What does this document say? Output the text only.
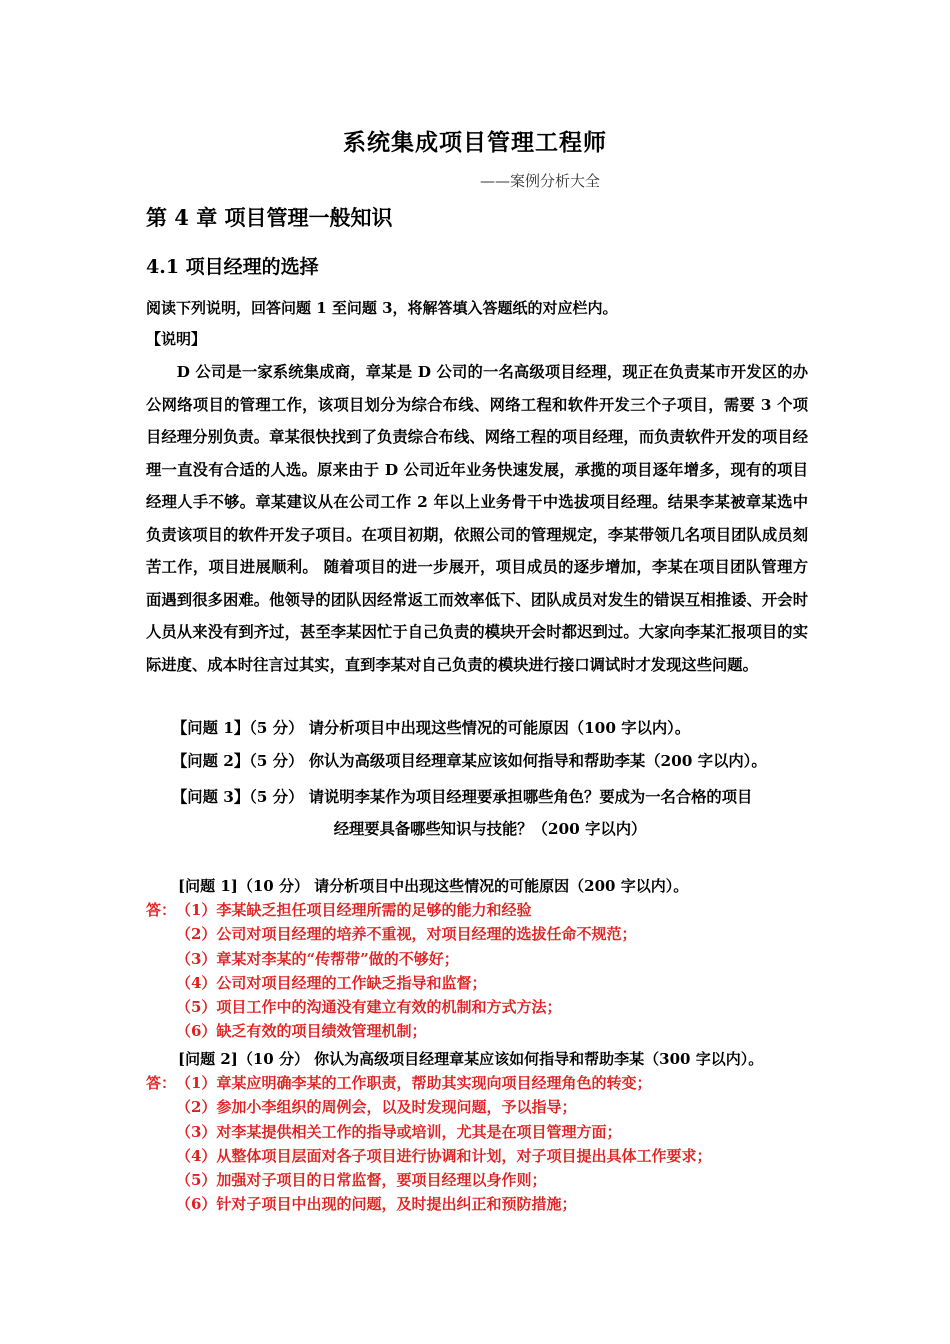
系统集成项目管理工程师
——案例分析大全
第 4 章 项目管理一般知识
4.1 项目经理的选择
阅读下列说明，回答问题 1 至问题 3，将解答填入答题纸的对应栏内。
【说明】

D 公司是一家系统集成商，章某是 D 公司的一名高级项目经理，现正在负责某市开发区的办公网络项目的管理工作，该项目划分为综合布线、网络工程和软件开发三个子项目，需要 3 个项目经理分别负责。章某很快找到了负责综合布线、网络工程的项目经理，而负责软件开发的项目经理一直没有合适的人选。原来由于 D 公司近年业务快速发展，承揽的项目逐年增多，现有的项目经理人手不够。章某建议从在公司工作 2 年以上业务骨干中选拔项目经理。结果李某被章某选中负责该项目的软件开发子项目。在项目初期，依照公司的管理规定，李某带领几名项目团队成员刻苦工作，项目进展顺利。 随着项目的进一步展开，项目成员的逐步增加，李某在项目团队管理方面遇到很多困难。他领导的团队因经常返工而效率低下、团队成员对发生的错误互相推诿、开会时人员从来没有到齐过，甚至李某因忙于自己负责的模块开会时都迟到过。大家向李某汇报项目的实际进度、成本时往言过其实，直到李某对自己负责的模块进行接口调试时才发现这些问题。

【问题 1】（5 分） 请分析项目中出现这些情况的可能原因（100 字以内）。
【问题 2】（5 分） 你认为高级项目经理章某应该如何指导和帮助李某（200 字以内）。
【问题 3】（5 分） 请说明李某作为项目经理要承担哪些角色？要成为一名合格的项目
经理要具备哪些知识与技能？（200 字以内）
[问题 1]（10 分） 请分析项目中出现这些情况的可能原因（200 字以内）。
答：（1）李某缺乏担任项目经理所需的足够的能力和经验
（2）公司对项目经理的培养不重视，对项目经理的选拔任命不规范；
（3）章某对李某的“传帮带”做的不够好；
（4）公司对项目经理的工作缺乏指导和监督；
（5）项目工作中的沟通没有建立有效的机制和方式方法；
（6）缺乏有效的项目绩效管理机制；
[问题 2]（10 分） 你认为高级项目经理章某应该如何指导和帮助李某（300 字以内）。
答：（1）章某应明确李某的工作职责，帮助其实现向项目经理角色的转变；
（2）参加小李组织的周例会，以及时发现问题，予以指导；
（3）对李某提供相关工作的指导或培训，尤其是在项目管理方面；
（4）从整体项目层面对各子项目进行协调和计划，对子项目提出具体工作要求；
（5）加强对子项目的日常监督，要项目经理以身作则；
（6）针对子项目中出现的问题，及时提出纠正和预防措施；
